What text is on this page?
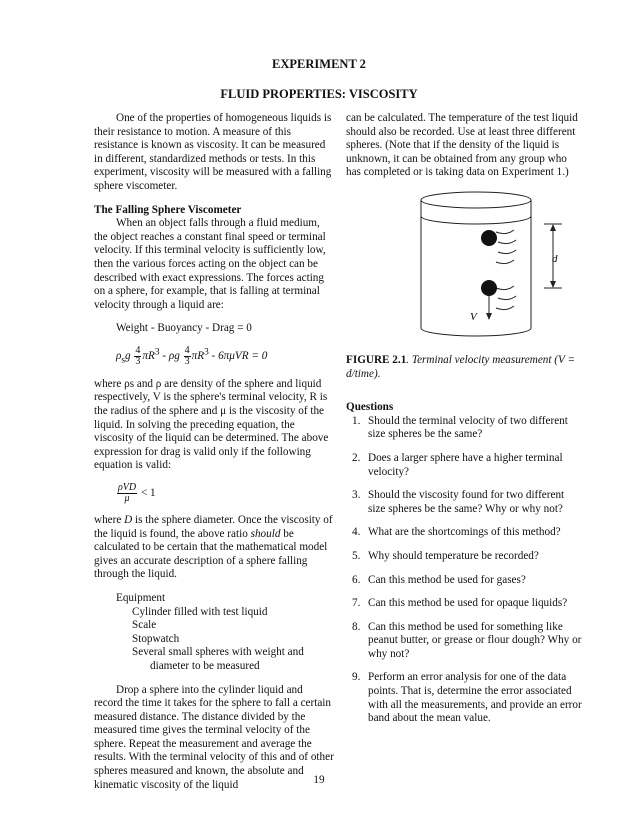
EXPERIMENT 2
FLUID PROPERTIES: VISCOSITY

One of the properties of homogeneous liquids is their resistance to motion. A measure of this resistance is known as viscosity. It can be measured in different, standardized methods or tests. In this experiment, viscosity will be measured with a falling sphere viscometer.

The Falling Sphere Viscometer

When an object falls through a fluid medium, the object reaches a constant final speed or terminal velocity. If this terminal velocity is sufficiently low, then the various forces acting on the object can be described with exact expressions. The forces acting on a sphere, for example, that is falling at terminal velocity through a liquid are:

Weight - Buoyancy - Drag = 0
$\rho_sg \frac{4}{3} \pi R^3 - \rho g \frac{4}{3} \pi R^3 - 6\pi\mu VR = 0$

where ρs and ρ are density of the sphere and liquid respectively, V is the sphere's terminal velocity, R is the radius of the sphere and μ is the viscosity of the liquid. In solving the preceding equation, the viscosity of the liquid can be determined. The above expression for drag is valid only if the following equation is valid:

$\frac{\text{ρVD}}{\mu} < 1$

where D is the sphere diameter. Once the viscosity of the liquid is found, the above ratio should be calculated to be certain that the mathematical model gives an accurate description of a sphere falling through the liquid.

Equipment
Cylinder filled with test liquid
Scale
Stopwatch
Several small spheres with weight and
diameter to be measured

Drop a sphere into the cylinder liquid and record the time it takes for the sphere to fall a certain measured distance. The distance divided by the measured time gives the terminal velocity of the sphere. Repeat the measurement and average the results. With the terminal velocity of this and of other spheres measured and known, the absolute and kinematic viscosity of the liquid

can be calculated. The temperature of the test liquid should also be recorded. Use at least three different spheres. (Note that if the density of the liquid is unknown, it can be obtained from any group who has completed or is taking data on Experiment 1.)

d
V

FIGURE 2.1. Terminal velocity measurement (V = d/time).

Questions

1. Should the terminal velocity of two different size spheres be the same?
2. Does a larger sphere have a higher terminal velocity?
3. Should the viscosity found for two different size spheres be the same? Why or why not?
4. What are the shortcomings of this method?
5. Why should temperature be recorded?
6. Can this method be used for gases?
7. Can this method be used for opaque liquids?
8. Can this method be used for something like peanut butter, or grease or flour dough? Why or why not?
9. Perform an error analysis for one of the data points. That is, determine the error associated with all the measurements, and provide an error band about the mean value.
19
